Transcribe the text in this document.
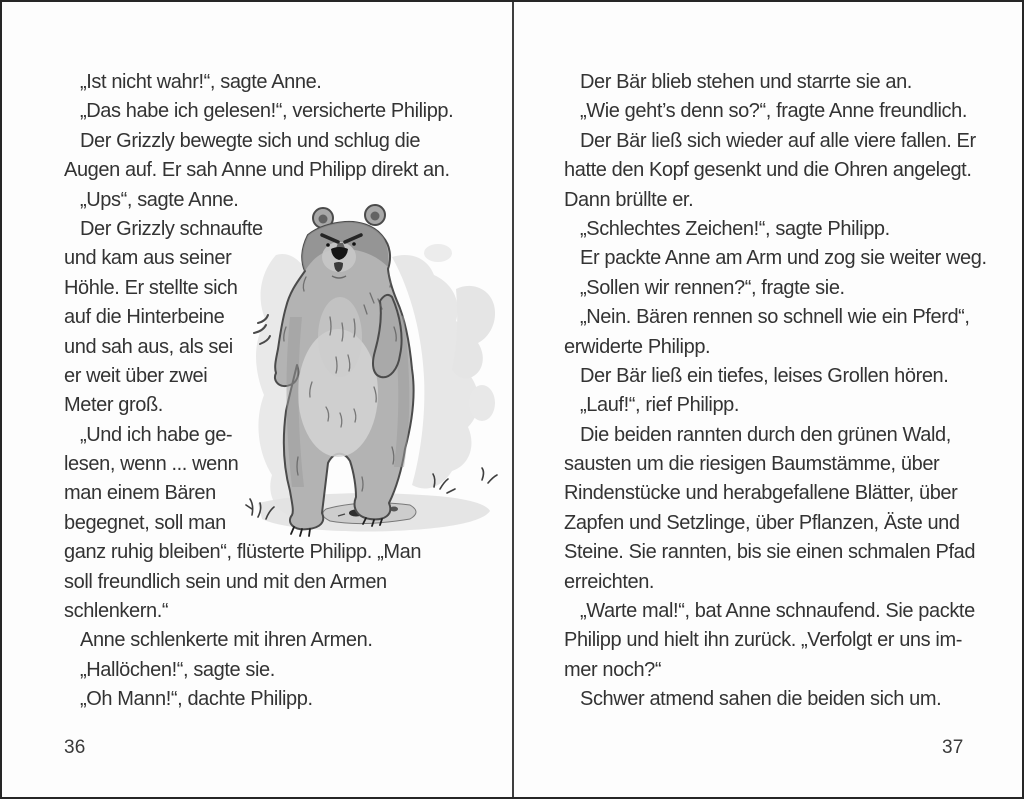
„Ist nicht wahr!“, sagte Anne.
„Das habe ich gelesen!“, versicherte Philipp.
Der Grizzly bewegte sich und schlug die
Augen auf. Er sah Anne und Philipp direkt an.
„Ups“, sagte Anne.
Der Grizzly schnaufte
und kam aus seiner
Höhle. Er stellte sich
auf die Hinterbeine
und sah aus, als sei
er weit über zwei
Meter groß.
„Und ich habe ge-
lesen, wenn ... wenn
man einem Bären
begegnet, soll man
ganz ruhig bleiben“, flüsterte Philipp. „Man
soll freundlich sein und mit den Armen
schlenkern.“
Anne schlenkerte mit ihren Armen.
„Hallöchen!“, sagte sie.
„Oh Mann!“, dachte Philipp.
36
Der Bär blieb stehen und starrte sie an.
„Wie geht’s denn so?“, fragte Anne freundlich.
Der Bär ließ sich wieder auf alle viere fallen. Er
hatte den Kopf gesenkt und die Ohren angelegt.
Dann brüllte er.
„Schlechtes Zeichen!“, sagte Philipp.
Er packte Anne am Arm und zog sie weiter weg.
„Sollen wir rennen?“, fragte sie.
„Nein. Bären rennen so schnell wie ein Pferd“,
erwiderte Philipp.
Der Bär ließ ein tiefes, leises Grollen hören.
„Lauf!“, rief Philipp.
Die beiden rannten durch den grünen Wald,
sausten um die riesigen Baumstämme, über
Rindenstücke und herabgefallene Blätter, über
Zapfen und Setzlinge, über Pflanzen, Äste und
Steine. Sie rannten, bis sie einen schmalen Pfad
erreichten.
„Warte mal!“, bat Anne schnaufend. Sie packte
Philipp und hielt ihn zurück. „Verfolgt er uns im-
mer noch?“
Schwer atmend sahen die beiden sich um.
37
